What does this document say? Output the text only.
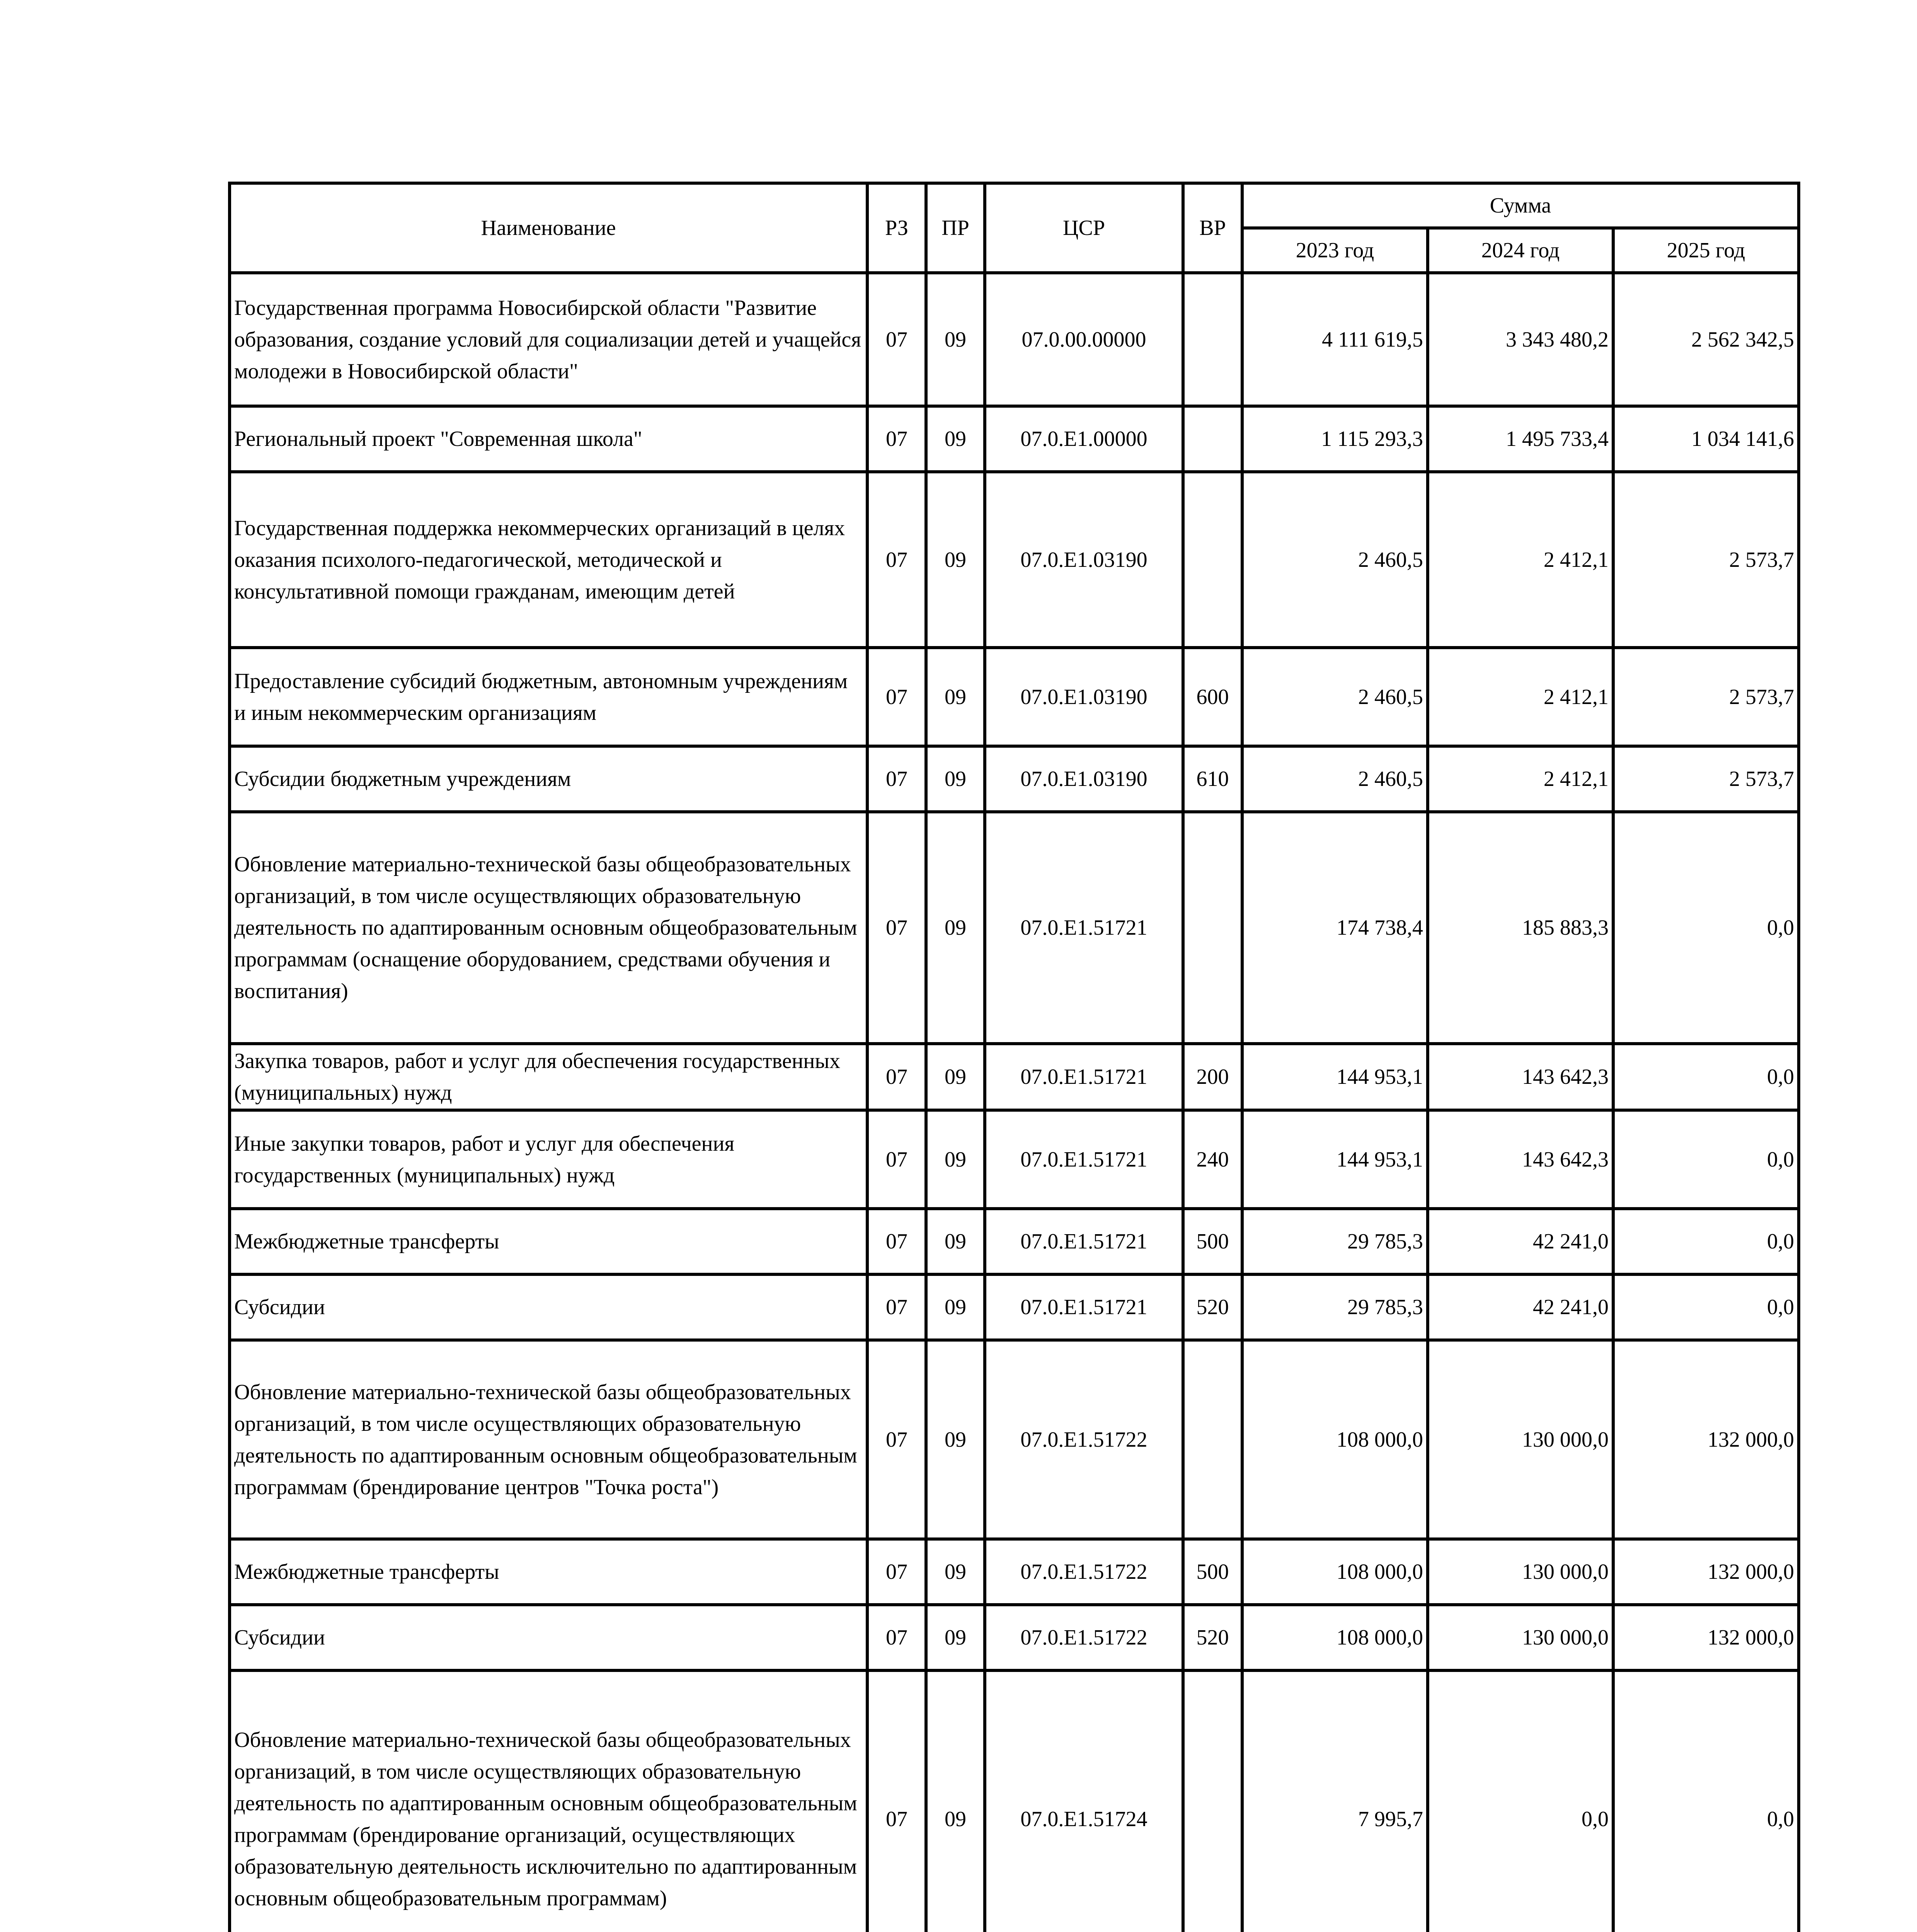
Наименование	РЗ	ПР	ЦСР	ВР	Сумма		
					2023 год	2024 год	2025 год
Государственная программа Новосибирской области "Развитие образования, создание условий для социализации детей и учащейся молодежи в Новосибирской области"	07	09	07.0.00.00000		4 111 619,5	3 343 480,2	2 562 342,5
Региональный проект "Современная школа"	07	09	07.0.E1.00000		1 115 293,3	1 495 733,4	1 034 141,6
Государственная поддержка некоммерческих организаций в целях оказания психолого-педагогической, методической и консультативной помощи гражданам, имеющим детей	07	09	07.0.E1.03190		2 460,5	2 412,1	2 573,7
Предоставление субсидий бюджетным, автономным учреждениям и иным некоммерческим организациям	07	09	07.0.E1.03190	600	2 460,5	2 412,1	2 573,7
Субсидии бюджетным учреждениям	07	09	07.0.E1.03190	610	2 460,5	2 412,1	2 573,7
Обновление материально-технической базы общеобразовательных организаций, в том числе осуществляющих образовательную деятельность по адаптированным основным общеобразовательным программам (оснащение оборудованием, средствами обучения и воспитания)	07	09	07.0.E1.51721		174 738,4	185 883,3	0,0
Закупка товаров, работ и услуг для обеспечения государственных (муниципальных) нужд	07	09	07.0.E1.51721	200	144 953,1	143 642,3	0,0
Иные закупки товаров, работ и услуг для обеспечения государственных (муниципальных) нужд	07	09	07.0.E1.51721	240	144 953,1	143 642,3	0,0
Межбюджетные трансферты	07	09	07.0.E1.51721	500	29 785,3	42 241,0	0,0
Субсидии	07	09	07.0.E1.51721	520	29 785,3	42 241,0	0,0
Обновление материально-технической базы общеобразовательных организаций, в том числе осуществляющих образовательную деятельность по адаптированным основным общеобразовательным программам (брендирование центров "Точка роста")	07	09	07.0.E1.51722		108 000,0	130 000,0	132 000,0
Межбюджетные трансферты	07	09	07.0.E1.51722	500	108 000,0	130 000,0	132 000,0
Субсидии	07	09	07.0.E1.51722	520	108 000,0	130 000,0	132 000,0
Обновление материально-технической базы общеобразовательных организаций, в том числе осуществляющих образовательную деятельность по адаптированным основным общеобразовательным программам (брендирование организаций, осуществляющих образовательную деятельность исключительно по адаптированным основным общеобразовательным программам)	07	09	07.0.E1.51724		7 995,7	0,0	0,0
